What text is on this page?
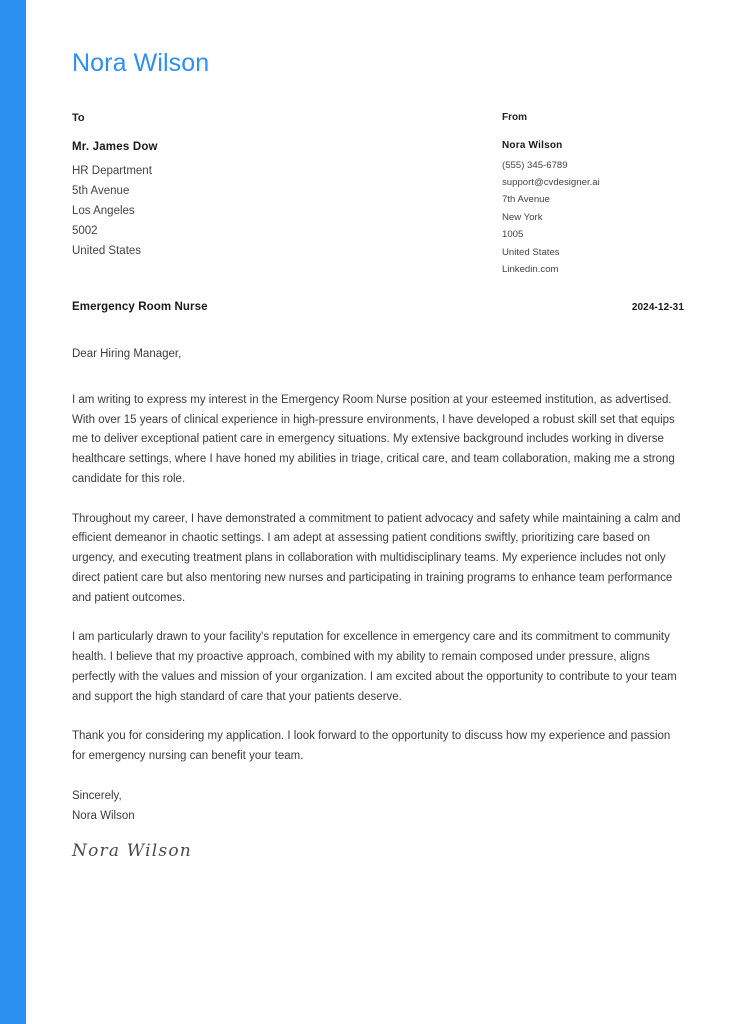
Nora Wilson
To
Mr. James Dow
HR Department
5th Avenue
Los Angeles
5002
United States
From
Nora Wilson
(555) 345-6789
support@cvdesigner.ai
7th Avenue
New York
1005
United States
Linkedin.com
Emergency Room Nurse	2024-12-31

Dear Hiring Manager,

I am writing to express my interest in the Emergency Room Nurse position at your esteemed institution, as advertised. With over 15 years of clinical experience in high-pressure environments, I have developed a robust skill set that equips me to deliver exceptional patient care in emergency situations. My extensive background includes working in diverse healthcare settings, where I have honed my abilities in triage, critical care, and team collaboration, making me a strong candidate for this role.

Throughout my career, I have demonstrated a commitment to patient advocacy and safety while maintaining a calm and efficient demeanor in chaotic settings. I am adept at assessing patient conditions swiftly, prioritizing care based on urgency, and executing treatment plans in collaboration with multidisciplinary teams. My experience includes not only direct patient care but also mentoring new nurses and participating in training programs to enhance team performance and patient outcomes.

I am particularly drawn to your facility's reputation for excellence in emergency care and its commitment to community health. I believe that my proactive approach, combined with my ability to remain composed under pressure, aligns perfectly with the values and mission of your organization. I am excited about the opportunity to contribute to your team and support the high standard of care that your patients deserve.

Thank you for considering my application. I look forward to the opportunity to discuss how my experience and passion for emergency nursing can benefit your team.

Sincerely,
Nora Wilson
Nora Wilson
